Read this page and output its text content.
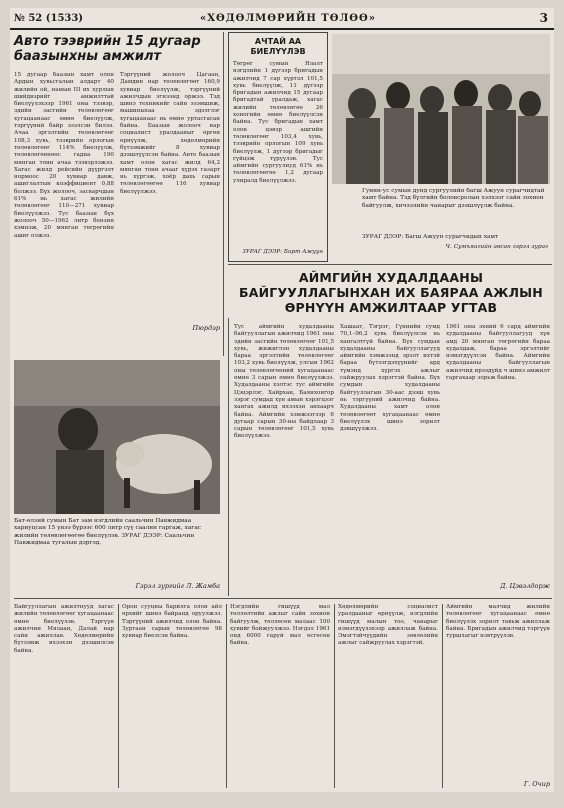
№ 52 (1533)	«ХӨДӨЛМӨРИЙН ТӨЛӨӨ»	3
Авто тээврийн 15 дугаар баазынхны амжилт
15 дугаар баазын хамт олон Ардын хувьсгалын алдарт 40 жилийн ой, намын III их хурлын шийдвэрийг амжилттай биелүүлэхээр 1961 оны тээвэр, эдийн засгийн төлөвлөгөөг хугацаанаас өмнө биелүүлж, тэргүүний байр эзэлсэн билээ. Ачаа эргэлтийн төлөвлөгөөг 108,3 хувь, тээврийн орлогын төлөвлөгөөг 114% биелүүлж, төлөвлөгөөнөөс гадна 190 мянган тонн ачаа тээвэрлэжээ. Хагас жилд рейсийн дүүргэлт нормоос 20 хувиар давж, ашиглалтын коэффициент 0,88 болжээ. Бүх жолооч, засварчдын 61% нь хагас жилийн төлөвлөгөөг 110—271 хувиар биелүүлжээ. Тус баазын бүх жолооч 50—1962 литр бензин хэмнэж, 20 мянган төгрөгийн ашиг олжээ.
Тэргүүний жолооч Цагаан, Дамдин нар төлөвлөгөөг 160,9 хувиар биелүүлж, тэргүүний ажилчдын эгнээнд оржээ. Тэд шинэ техникийг сайн эзэмшиж, машиныхаа эдэлгээг хугацаанаас нь өмнө уртасгасан байна. Баазын жолооч нар социалист уралдааныг өргөн өрнүүлж, хөдөлмөрийн бүтээмжийг 8 хувиар дээшлүүлсэн байна. Авто баазын хамт олон хагас жилд 64,2 мянган тонн ачааг хүрэх газарт нь хүргэж, хоёр дахь сарын төлөвлөгөөгөө 116 хувиар биелүүлжээ.
Пюрдэр
АЧТАЙ АА БИЕЛҮҮЛЭВ
Төгрөг сумын Ялалт нэгдлийн 1 дүгээр бригадын ажилчид 7 сар хүртэл 101,5 хувь биелүүлж, 11 дүгээр бригадын ажилчид 15 дугаар бригадтай уралдаж, хагас жилийн төлөвлөгөө 26 хоногийн өмнө биелүүлсэн байна. Тус бригадын хамт олон цэвэр ашгийн төлөвлөгөөг 103,4 хувь, тээврийн орлогын 109 хувь биелүүлж, 1 дүгээр бригадыг гүйцэж түрүүлэв. Тус аймгийн сургуулиуд 61% нь төлөвлөгөөгөө 1,2 дугаар улиралд биелүүлжээ.
ЗУРАГ ДЭЭР: Бирт Ажуун
Гуннн-ус сумын дунд сургуулийн багш Ажуун сурагчидтай хамт байна. Тэд бүлгийн боловсролын хэлхээг сайн зохион байгуулж, хичээлийн чанарыг дээшлүүлж байна.
ЗУРАГ ДЭЭР: Багш Ажуун сурагчидын хамт
Ч. Сумъяагийн авсан гэрэл зураг
АЙМГИЙН ХУДАЛДААНЫ БАЙГУУЛЛАГЫНХАН ИХ БАЯРАА АЖЛЫН ӨРНҮҮН АМЖИЛТААР УГТАВ
Тус аймгийн худалдааны байгууллагын ажилчид 1961 оны эдийн засгийн төлөвлөгөөг 101,5 хувь, жижиглэн худалдааны бараа эргэлтийн төлөвлөгөөг 103,2 хувь биелүүлж, улсын 1962 оны төлөвлөгөөний хугацаанаас өмнө 3 сарын өмнө биелүүлжээ. Худалдааны хэлтэс тус аймгийн Цэцэрлэг, Хайрхан, Баянхонгор зэрэг сумдад хүн амын хэрэгцээг хангах ажилд ихээхэн анхаарч байна. Аймгийн хэмжээгээр 6 дугаар сарын 30-ны байдлаар 3 сарын төлөвлөгөөг 101,5 хувь биелүүлжээ.
Хашаат, Тэгрэг, Гүннийн сумд 70,1–96,2 хувь биелүүлсэн нь хангалтгүй байна. Бүх сумдын худалдааны байгууллагууд аймгийн хэмжээнд эрэлт ихтэй бараа бүтээгдэхүүнийг ард түмэнд хүргэх ажлыг сайжруулах хэрэгтэй байна. Бүх сумдын худалдааны байгууллагын 30-аас дээш хувь нь тэргүүний ажилчид байна. Худалдааны хамт олон төлөвлөгөөт хугацаанаас өмнө биелүүлэх шинэ зорилт дэвшүүлжээ.
1961 оны эхний 6 сард аймгийн худалдааны байгууллагууд хүн амд 20 мянган төгрөгийн бараа худалдаж, бараа эргэлтийг нэмэгдүүлсэн байна. Аймгийн худалдааны байгууллагын ажилчид ирээдүйд ч шинэ амжилт гаргахаар зорьж байна.
Д. Цэвэлдорж
Бат-өлзий сумын Бат зам нэгдлийн саальчин Павжидмаа хариуцсан 15 үнээ бүрээс 600 литр сүү саалин гаргаж, хагас жилийн төлөвлөгөөгөө биелүүлэв. ЗУРАГ ДЭЭР: Саальчин Павжидмаа тугалын дэргэд.
Гэрэл зургийг Л. Жамба
Байгууллагын ажилтнууд хагас жилийн төлөвлөгөөг хугацаанаас өмнө биелүүлэв. Тэргүүн ажилчин Мялаан, Далай нар сайн ажиллав. Хөдөлмөрийн бүтээмж ихээхэн дээшилсэн байна.
Орон сууцны барилга олон айл өрхийг шинэ байранд оруулжээ. Тэргүүний ажилчид олон байна. Зургаан сарын төлөвлөгөө 98 хувиар биелсэн байна.
Нэгдлийн гишүүд мал төллөлтийн ажлыг сайн зохион байгуулж, төллөсөн малаас 100 хувийг бойжуулжээ. Нэгдэл 1961 онд 6000 гаруй мал өсгөсөн байна.
Хөдөлмөрийн социалист уралдааныг өрнүүлж, нэгдлийн гишүүд малын тоо, чанарыг нэмэгдүүлэхээр ажиллаж байна. Эмэгтэйчүүдийн зөвлөлийн ажлыг сайжруулах хэрэгтэй.
Аймгийн малчид жилийн төлөвлөгөөг хугацаанаас өмнө биелүүлэх зорилт тавьж ажиллаж байна. Бригадын ажилчид тэргүүн туршлагыг нэвтрүүлэв.
Г. Очир
